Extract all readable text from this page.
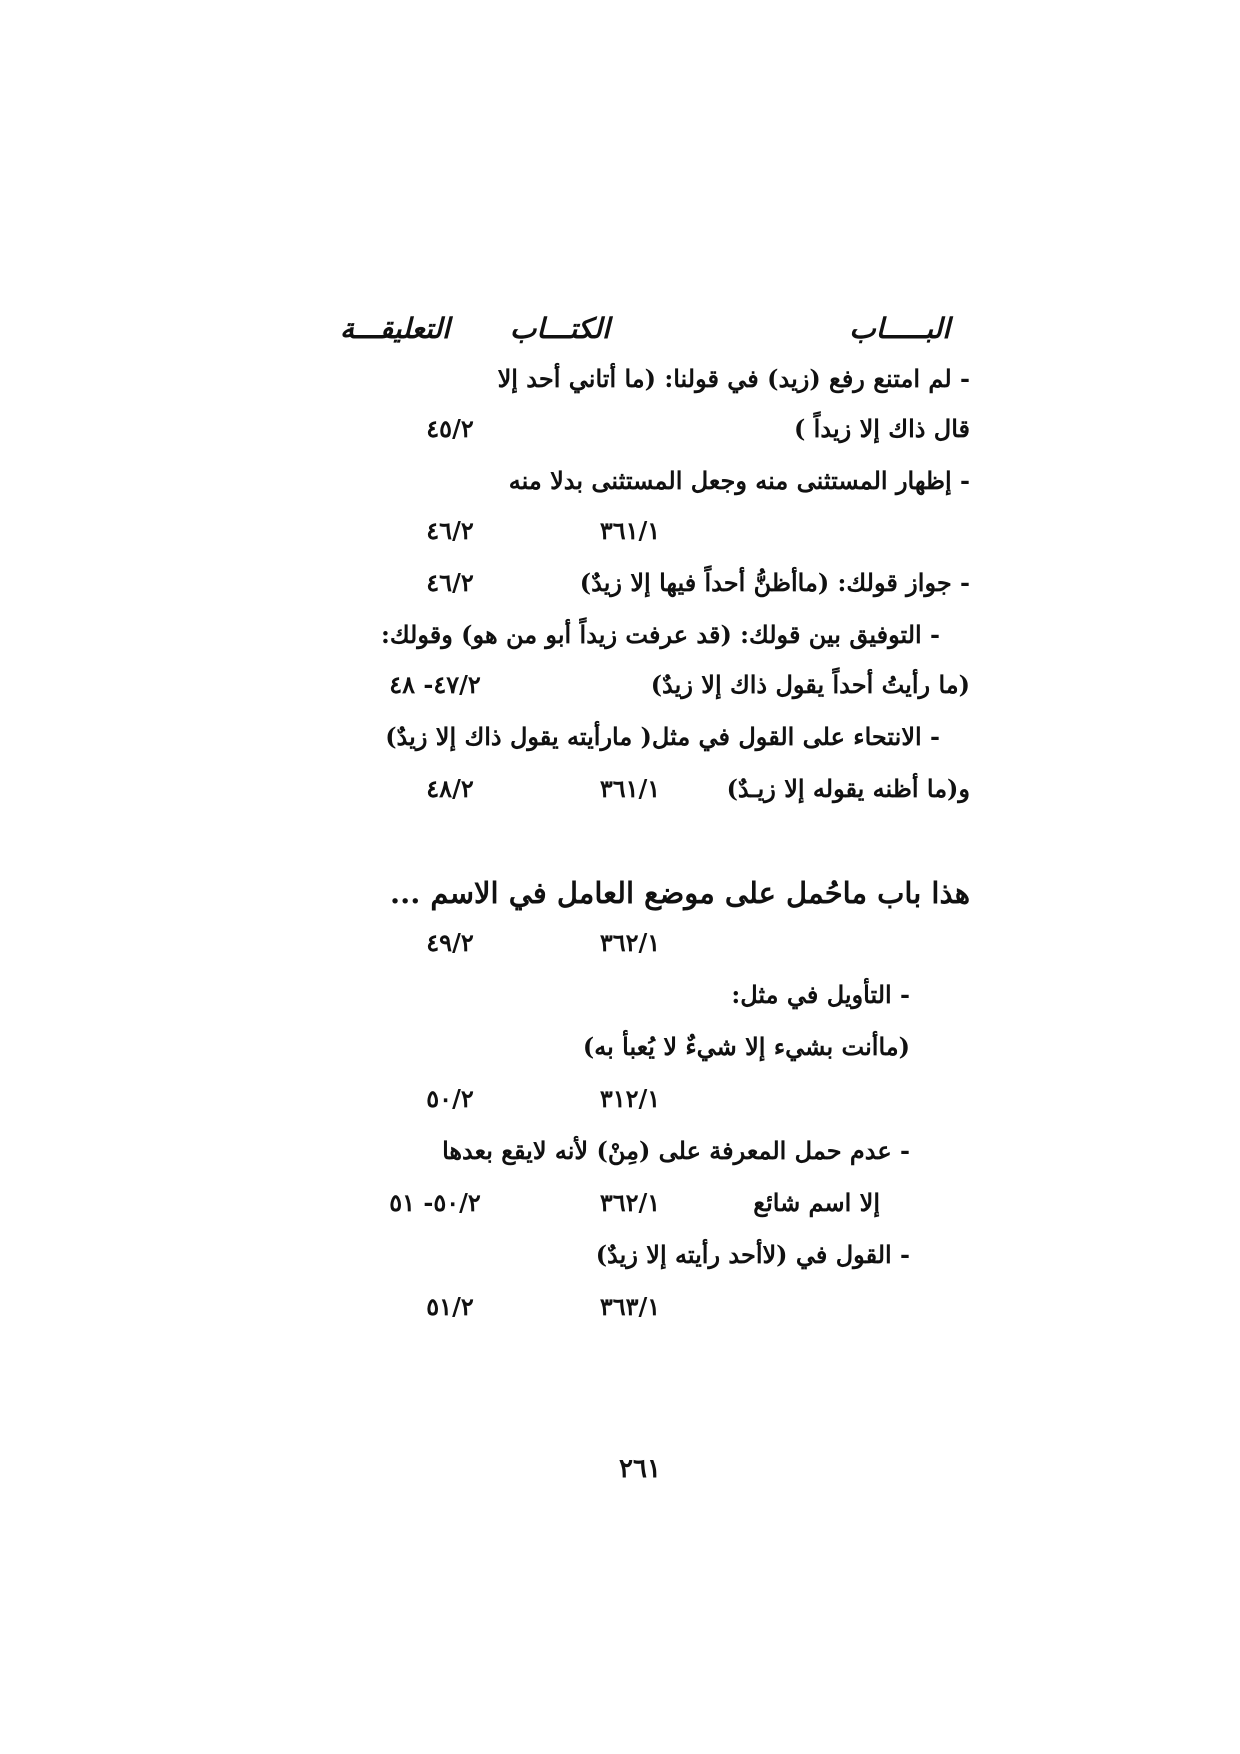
البـــــاب
الكتـــاب
التعليقـــة
- لم امتنع رفع (زيد) في قولنا: (ما أتاني أحد إلا
قال ذاك إلا زيداً )
٤٥/٢
- إظهار المستثنى منه وجعل المستثنى بدلا منه
٣٦١/١
٤٦/٢
- جواز قولك: (ماأظنُّ أحداً فيها إلا زيدٌ)
٤٦/٢
- التوفيق بين قولك: (قد عرفت زيداً أبو من هو) وقولك:
(ما رأيتُ أحداً يقول ذاك إلا زيدٌ)
٤٧/٢- ٤٨
- الانتحاء على القول في مثل( مارأيته يقول ذاك إلا زيدٌ)
و(ما أظنه يقوله إلا زيـدٌ)
٣٦١/١
٤٨/٢
هذا باب ماحُمل على موضع العامل في الاسم ...
٣٦٢/١
٤٩/٢
- التأويل في مثل:
(ماأنت بشيء إلا شيءٌ لا يُعبأ به)
٣١٢/١
٥٠/٢
- عدم حمل المعرفة على (مِنْ) لأنه لايقع بعدها
إلا اسم شائع
٣٦٢/١
٥٠/٢- ٥١
- القول في (لاأحد رأيته إلا زيدٌ)
٣٦٣/١
٥١/٢
٢٦١
